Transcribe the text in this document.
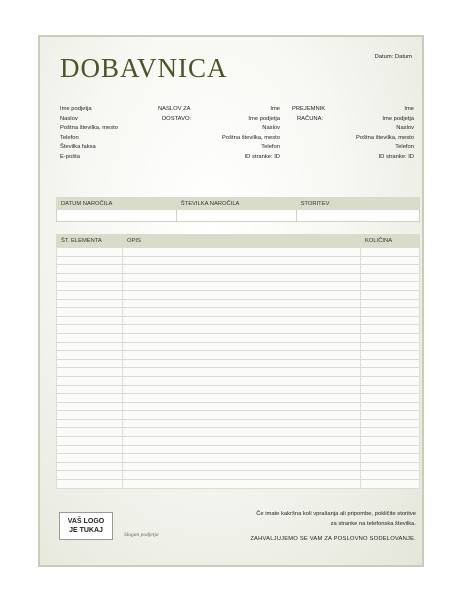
DOBAVNICA	Datum: Datum
Ime podjetja
Naslov
Poštna številka, mesto
Telefon
Številka faksa
E-pošta
NASLOV ZA
DOSTAVO:
Ime
Ime podjetja
Naslov
Poštna številka, mesto
Telefon
ID stranke: ID
PREJEMNIK
RAČUNA:
Ime
Ime podjetja
Naslov
Poštna številka, mesto
Telefon
ID stranke: ID
DATUM NAROČILA	ŠTEVILKA NAROČILA	STORITEV

ŠT. ELEMENTA	OPIS	KOLIČINA

VAŠ LOGO
JE TUKAJ
Slogan podjetja
Če imate kakršna koli vprašanja ali pripombe, pokličite storitve
za stranke na telefonska številka.
ZAHVALJUJEMO SE VAM ZA POSLOVNO SODELOVANJE.
